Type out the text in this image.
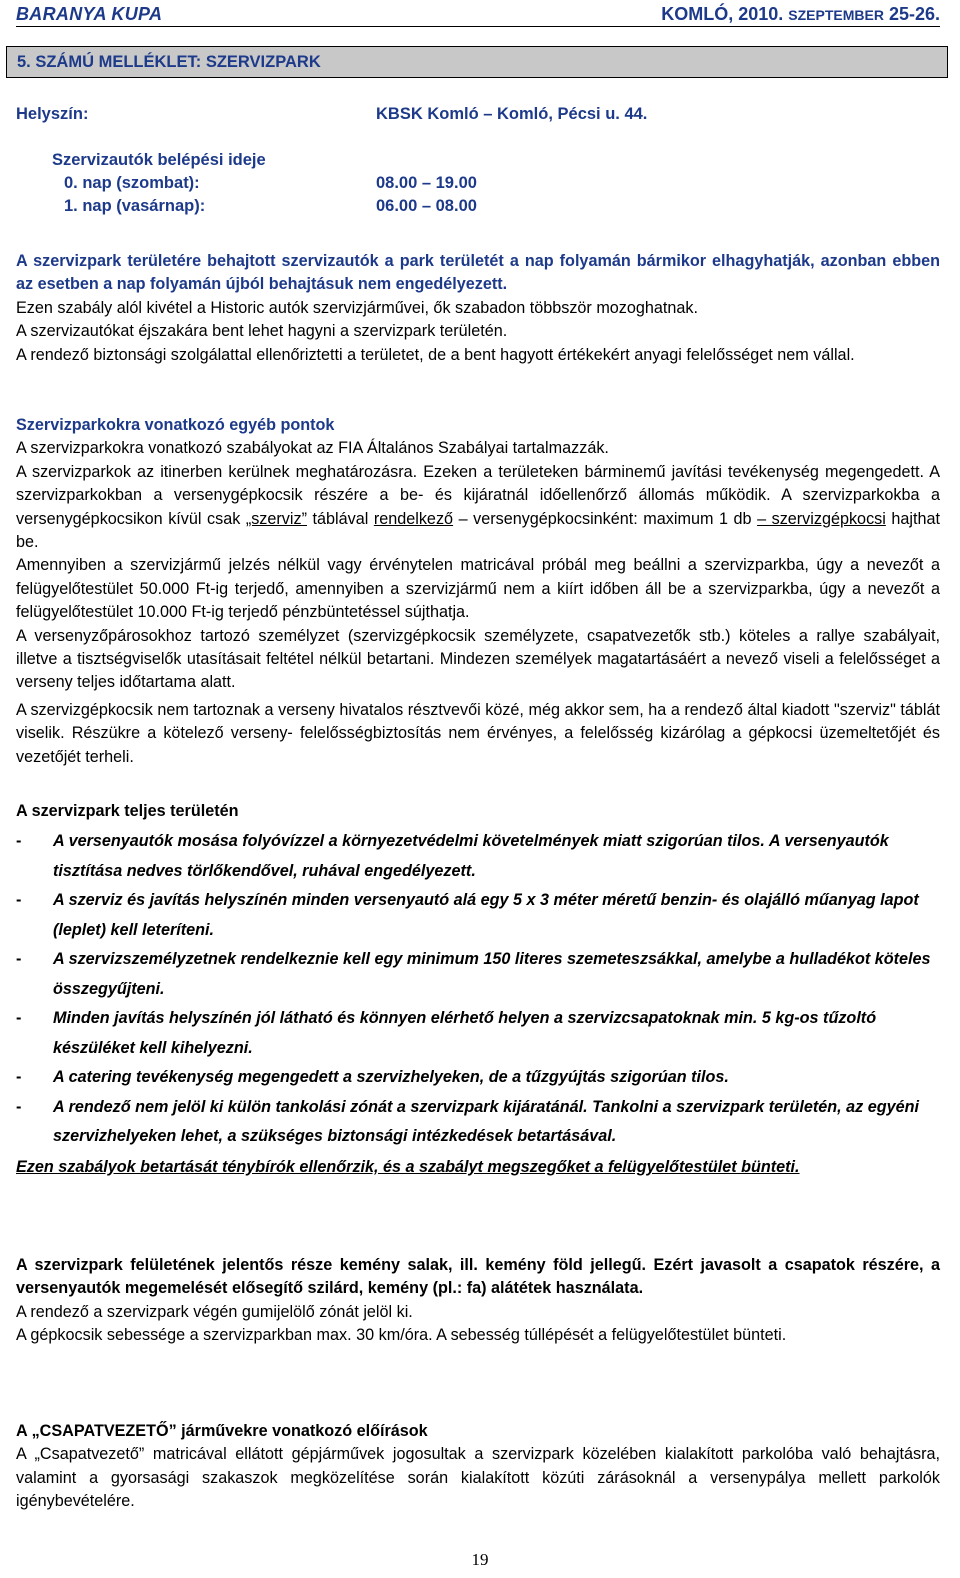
BARANYA KUPA	KOMLÓ, 2010. SZEPTEMBER 25-26.
5. SZÁMÚ MELLÉKLET: SZERVIZPARK
Helyszín:	KBSK Komló – Komló, Pécsi u. 44.
Szervizautók belépési ideje
0. nap (szombat):	08.00 – 19.00
1. nap (vasárnap):	06.00 – 08.00

A szervizpark területére behajtott szervizautók a park területét a nap folyamán bármikor elhagyhatják, azonban ebben az esetben a nap folyamán újból behajtásuk nem engedélyezett.

Ezen szabály alól kivétel a Historic autók szervizjárművei, ők szabadon többször mozoghatnak.

A szervizautókat éjszakára bent lehet hagyni a szervizpark területén.

A rendező biztonsági szolgálattal ellenőriztetti a területet, de a bent hagyott értékekért anyagi felelősséget nem vállal.

Szervizparkokra vonatkozó egyéb pontok

A szervizparkokra vonatkozó szabályokat az FIA Általános Szabályai tartalmazzák.

A szervizparkok az itinerben kerülnek meghatározásra. Ezeken a területeken bárminemű javítási tevékenység megengedett. A szervizparkokban a versenygépkocsik részére a be- és kijáratnál időellenőrző állomás működik. A szervizparkokba a versenygépkocsikon kívül csak „szerviz” táblával rendelkező – versenygépkocsinként: maximum 1 db – szervizgépkocsi hajthat be.

Amennyiben a szervizjármű jelzés nélkül vagy érvénytelen matricával próbál meg beállni a szervizparkba, úgy a nevezőt a felügyelőtestület 50.000 Ft-ig terjedő, amennyiben a szervizjármű nem a kiírt időben áll be a szervizparkba, úgy a nevezőt a felügyelőtestület 10.000 Ft-ig terjedő pénzbüntetéssel sújthatja.

A versenyzőpárosokhoz tartozó személyzet (szervizgépkocsik személyzete, csapatvezetők stb.) köteles a rallye szabályait, illetve a tisztségviselők utasításait feltétel nélkül betartani. Mindezen személyek magatartásáért a nevező viseli a felelősséget a verseny teljes időtartama alatt.

A szervizgépkocsik nem tartoznak a verseny hivatalos résztvevői közé, még akkor sem, ha a rendező által kiadott "szerviz" táblát viselik. Részükre a kötelező verseny- felelősségbiztosítás nem érvényes, a felelősség kizárólag a gépkocsi üzemeltetőjét és vezetőjét terheli.

A szervizpark teljes területén

- A versenyautók mosása folyóvízzel a környezetvédelmi követelmények miatt szigorúan tilos. A versenyautók tisztítása nedves törlőkendővel, ruhával engedélyezett.
- A szerviz és javítás helyszínén minden versenyautó alá egy 5 x 3 méter méretű benzin- és olajálló műanyag lapot (leplet) kell leteríteni.
- A szervizszemélyzetnek rendelkeznie kell egy minimum 150 literes szemeteszsákkal, amelybe a hulladékot köteles összegyűjteni.
- Minden javítás helyszínén jól látható és könnyen elérhető helyen a szervizcsapatoknak min. 5 kg-os tűzoltó készüléket kell kihelyezni.
- A catering tevékenység megengedett a szervizhelyeken, de a tűzgyújtás szigorúan tilos.
- A rendező nem jelöl ki külön tankolási zónát a szervizpark kijáratánál. Tankolni a szervizpark területén, az egyéni szervizhelyeken lehet, a szükséges biztonsági intézkedések betartásával.

Ezen szabályok betartását ténybírók ellenőrzik, és a szabályt megszegőket a felügyelőtestület bünteti.

A szervizpark felületének jelentős része kemény salak, ill. kemény föld jellegű. Ezért javasolt a csapatok részére, a versenyautók megemelését elősegítő szilárd, kemény (pl.: fa) alátétek használata.

A rendező a szervizpark végén gumijelölő zónát jelöl ki.

A gépkocsik sebessége a szervizparkban max. 30 km/óra. A sebesség túllépését a felügyelőtestület bünteti.

A „CSAPATVEZETŐ” járművekre vonatkozó előírások

A „Csapatvezető” matricával ellátott gépjárművek jogosultak a szervizpark közelében kialakított parkolóba való behajtásra, valamint a gyorsasági szakaszok megközelítése során kialakított közúti zárásoknál a versenypálya mellett parkolók igénybevételére.

19
